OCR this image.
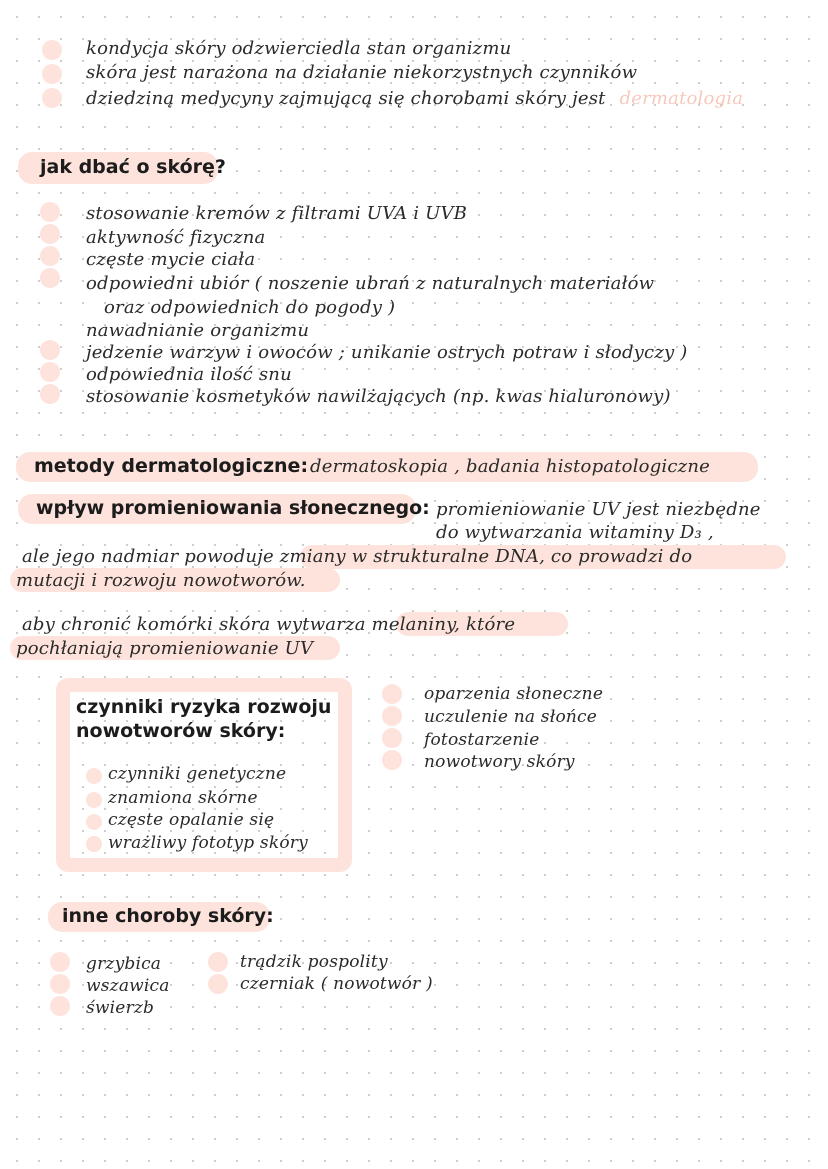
kondycja skóry odzwierciedla stan organizmu
skóra jest narażona na działanie niekorzystnych czynników
dziedziną medycyny zajmującą się chorobami skóry jest dermatologia
jak dbać o skórę?
stosowanie kremów z filtrami UVA i UVB
aktywność fizyczna
częste mycie ciała
odpowiedni ubiór ( noszenie ubrań z naturalnych materiałów
oraz odpowiednich do pogody )
nawadnianie organizmu
jedzenie warzyw i owoców ; unikanie ostrych potraw i słodyczy )
odpowiednia ilość snu
stosowanie kosmetyków nawilżających (np. kwas hialuronowy)
metody dermatologiczne: dermatoskopia , badania histopatologiczne
wpływ promieniowania słonecznego: promieniowanie UV jest niezbędne
do wytwarzania witaminy D₃ ,
ale jego nadmiar powoduje zmiany w strukturalne DNA, co prowadzi do
mutacji i rozwoju nowotworów.
aby chronić komórki skóra wytwarza melaniny, które
pochłaniają promieniowanie UV
czynniki ryzyka rozwoju
nowotworów skóry:
czynniki genetyczne
znamiona skórne
częste opalanie się
wrażliwy fototyp skóry
oparzenia słoneczne
uczulenie na słońce
fotostarzenie
nowotwory skóry
inne choroby skóry:
grzybica
wszawica
świerzb
trądzik pospolity
czerniak ( nowotwór )
